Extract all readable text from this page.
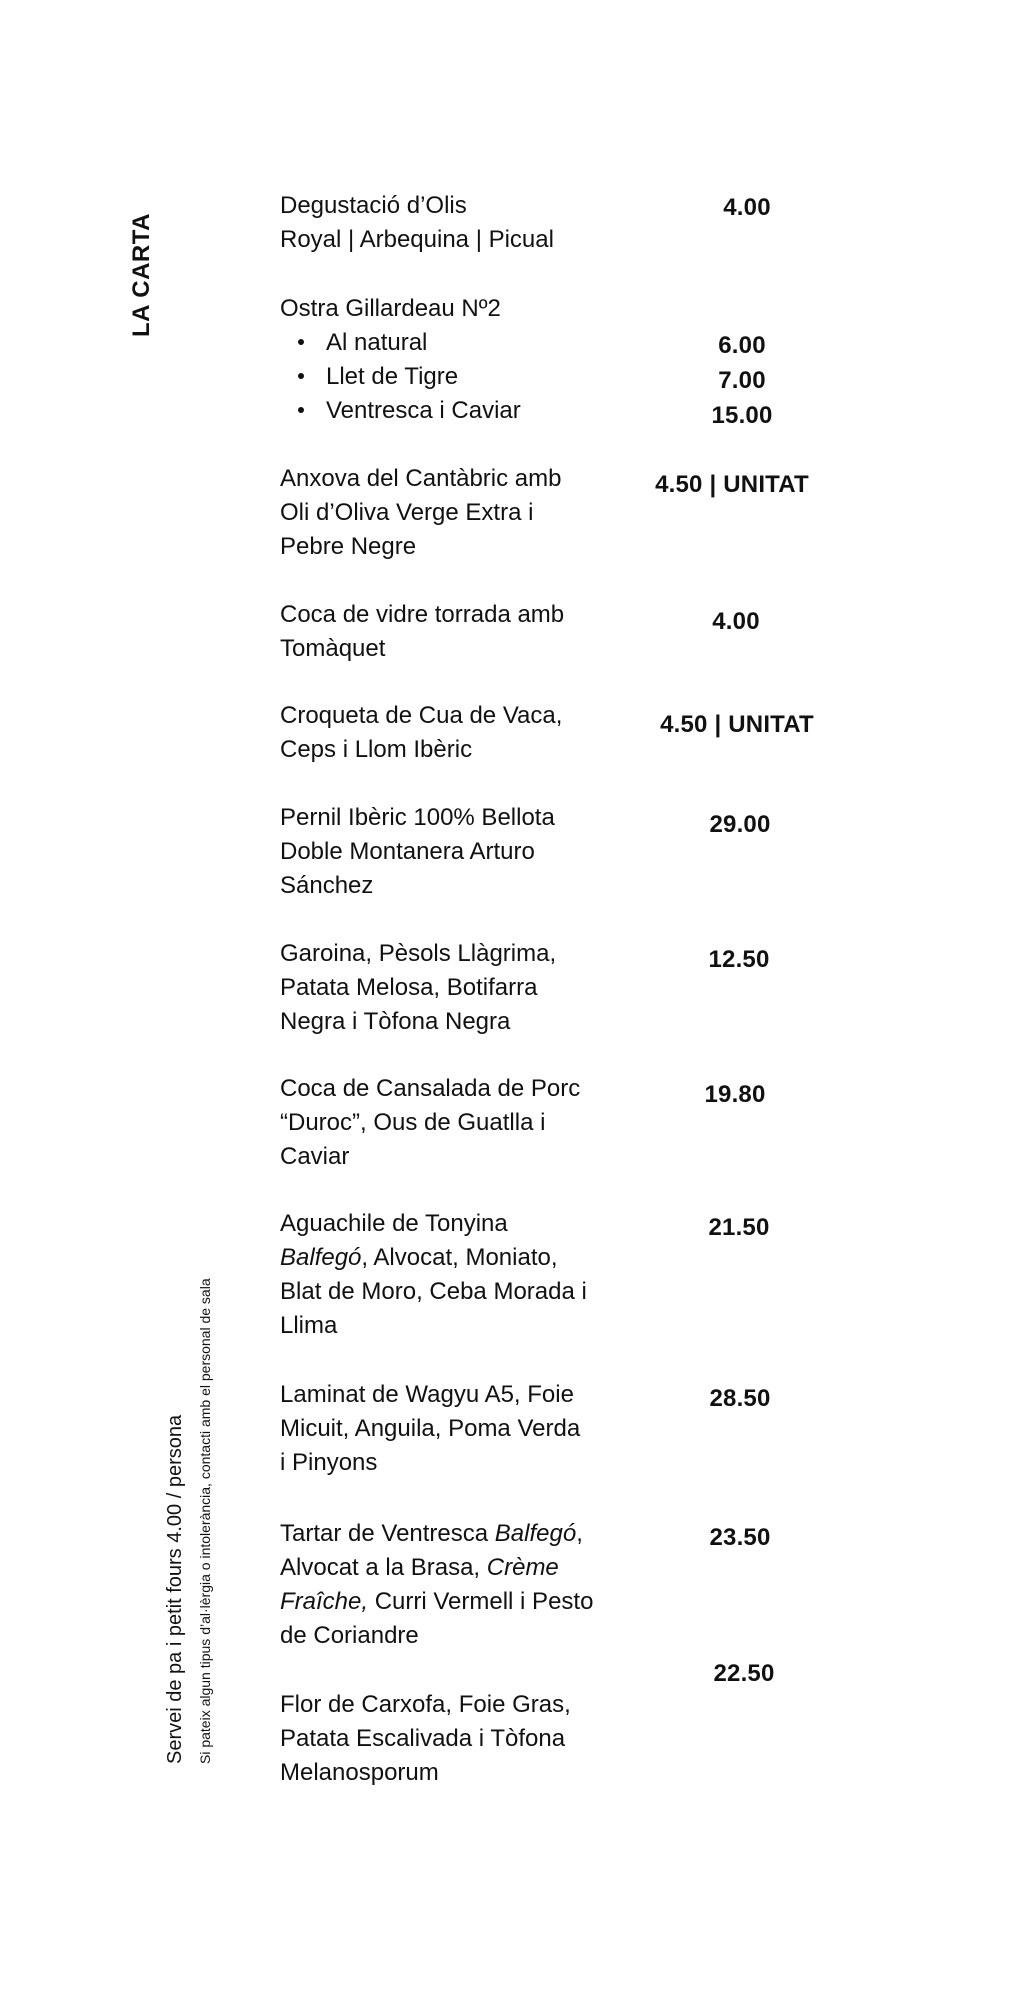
LA CARTA
Servei de pa i petit fours 4.00 / persona Si pateix algun tipus d’al·lèrgia o intolerància, contacti amb el personal de sala
Degustació d’Olis
Royal | Arbequina | Picual
4.00
Ostra Gillardeau Nº2
Al natural
Llet de Tigre
Ventresca i Caviar
6.00
7.00
15.00
Anxova del Cantàbric amb
Oli d’Oliva Verge Extra i
Pebre Negre
4.50 | UNITAT
Coca de vidre torrada amb
Tomàquet
4.00
Croqueta de Cua de Vaca,
Ceps i Llom Ibèric
4.50 | UNITAT
Pernil Ibèric 100% Bellota
Doble Montanera Arturo
Sánchez
29.00
Garoina, Pèsols Llàgrima,
Patata Melosa, Botifarra
Negra i Tòfona Negra
12.50
Coca de Cansalada de Porc
“Duroc”, Ous de Guatlla i
Caviar
19.80
Aguachile de Tonyina
Balfegó, Alvocat, Moniato,
Blat de Moro, Ceba Morada i
Llima
21.50
Laminat de Wagyu A5, Foie
Micuit, Anguila, Poma Verda
i Pinyons
28.50
Tartar de Ventresca Balfegó,
Alvocat a la Brasa, Crème
Fraîche, Curri Vermell i Pesto
de Coriandre
23.50
Flor de Carxofa, Foie Gras,
Patata Escalivada i Tòfona
Melanosporum
22.50
